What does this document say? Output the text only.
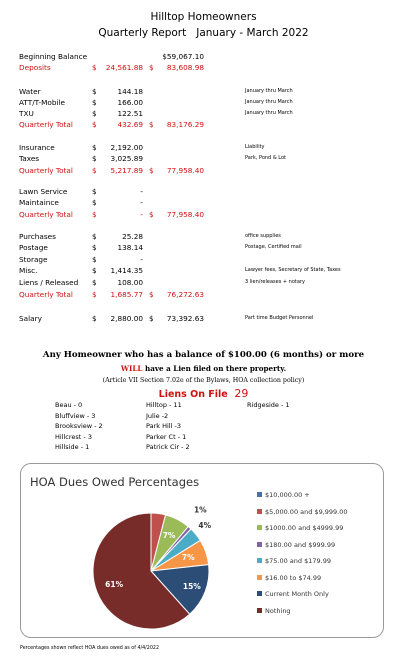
Hilltop Homeowners
Quarterly Report   January - March 2022
Beginning Balance	$59,067.10
Deposits	$	24,561.88 $	83,608.98
Water	$	144.18	January thru March
ATT/T-Mobile	$	166.00	January thru March
TXU	$	122.51	January thru March
Quarterly Total	$	432.69 $	83,176.29
Insurance	$	2,192.00	Liability
Taxes	$	3,025.89	Park, Pond & Lot
Quarterly Total	$	5,217.89 $	77,958.40
Lawn Service	$	-
Maintaince	$	-
Quarterly Total	$	- $	77,958.40
Purchases	$	25.28	office supplies
Postage	$	138.14	Postage, Certified mail
Storage	$	-
Misc.	$	1,414.35	Lawyer fees, Secretary of State, Taxes
Liens / Released $	108.00	3 lien/releases + notary
Quarterly Total	$	1,685.77 $	76,272.63
Salary	$	2,880.00 $	73,392.63	Part time Budget Personnel
Any Homeowner who has a balance of $100.00 (6 months) or more
WILL have a Lien filed on there property.
(Article VII Section 7.02e of the Bylaws, HOA collection policy)
Liens On File 29
Beau - 0
Bluffview - 3
Brooksview - 2
Hillcrest - 3
Hillside - 1
Hilltop - 11
Julie -2
Park Hill -3
Parker Ct - 1
Patrick Cir - 2
Ridgeside - 1
HOA Dues Owed Percentages
7%
1%
4%
7%
15%
61%
$10,000.00 +
$5,000.00 and $9,999.00
$1000.00 and $4999.99
$180.00 and $999.99
$75.00 and $179.99
$16.00 to $74.99
Current Month Only
Nothing
Percentages shown reflect HOA dues owed as of 4/4/2022
